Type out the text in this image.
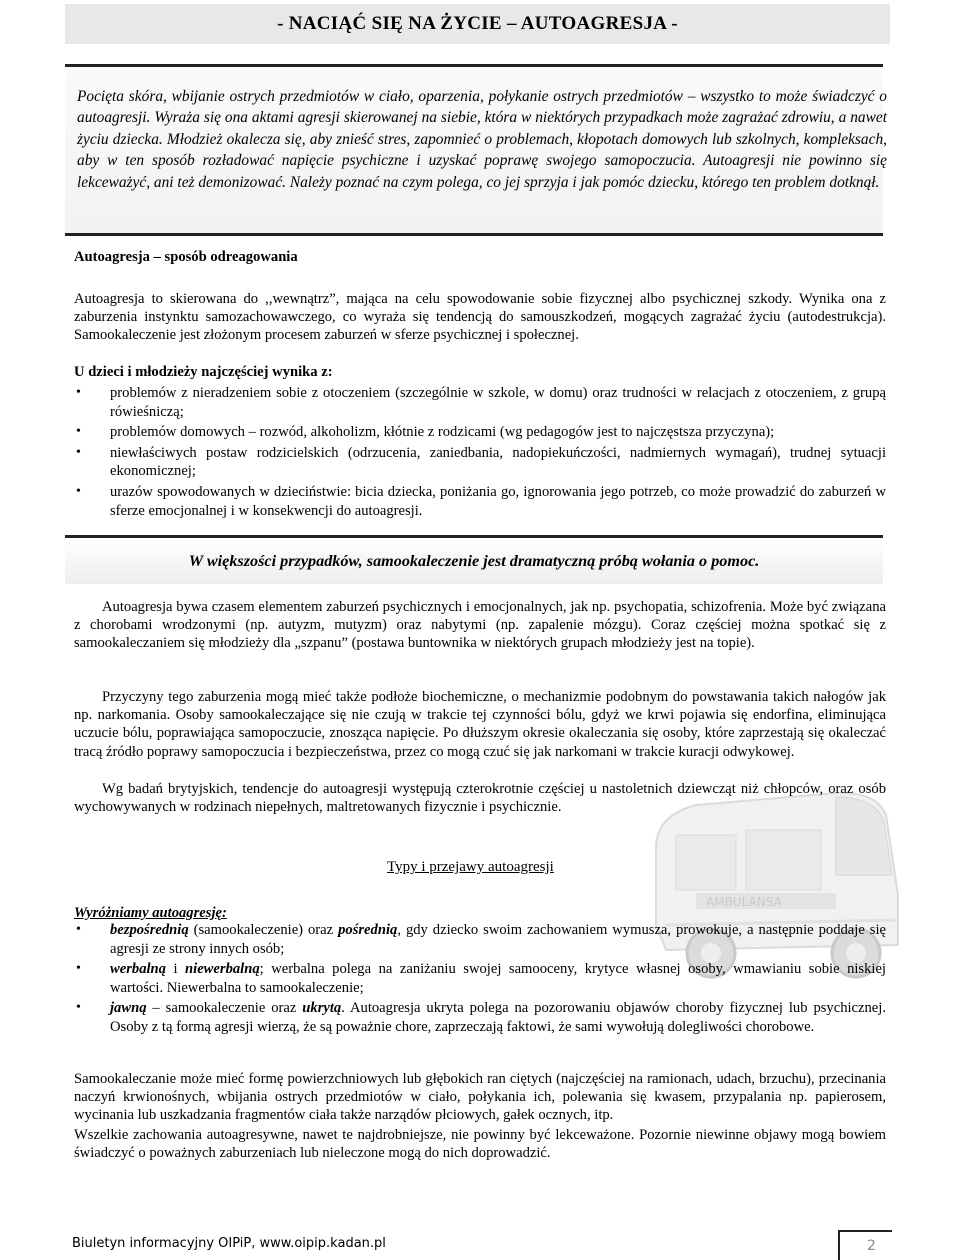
- NACIĄĆ SIĘ NA ŻYCIE – AUTOAGRESJA -
Pocięta skóra, wbijanie ostrych przedmiotów w ciało, oparzenia, połykanie ostrych przedmiotów – wszystko to może świadczyć o autoagresji. Wyraża się ona aktami agresji skierowanej na siebie, która w niektórych przypadkach może zagrażać zdrowiu, a nawet życiu dziecka. Młodzież okalecza się, aby znieść stres, zapomnieć o problemach, kłopotach domowych lub szkolnych, kompleksach, aby w ten sposób rozładować napięcie psychiczne i uzyskać poprawę swojego samopoczucia. Autoagresji nie powinno się lekceważyć, ani też demonizować. Należy poznać na czym polega, co jej sprzyja i jak pomóc dziecku, którego ten problem dotknął.
Autoagresja – sposób odreagowania
Autoagresja to skierowana do ,,wewnątrz”, mająca na celu spowodowanie sobie fizycznej albo psychicznej szkody. Wynika ona z zaburzenia instynktu samozachowawczego, co wyraża się tendencją do samouszkodzeń, mogących zagrażać życiu (autodestrukcja). Samookaleczenie jest złożonym procesem zaburzeń w sferze psychicznej i społecznej.
U dzieci i młodzieży najczęściej wynika z:
• problemów z nieradzeniem sobie z otoczeniem (szczególnie w szkole, w domu) oraz trudności w relacjach z otoczeniem, z grupą rówieśniczą;
• problemów domowych – rozwód, alkoholizm, kłótnie z rodzicami (wg pedagogów jest to najczęstsza przyczyna);
• niewłaściwych postaw rodzicielskich (odrzucenia, zaniedbania, nadopiekuńczości, nadmiernych wymagań), trudnej sytuacji ekonomicznej;
• urazów spowodowanych w dzieciństwie: bicia dziecka, poniżania go, ignorowania jego potrzeb, co może prowadzić do zaburzeń w sferze emocjonalnej i w konsekwencji do autoagresji.
W większości przypadków, samookaleczenie jest dramatyczną próbą wołania o pomoc.
AMBULANSA
Autoagresja bywa czasem elementem zaburzeń psychicznych i emocjonalnych, jak np. psychopatia, schizofrenia. Może być związana z chorobami wrodzonymi (np. autyzm, mutyzm) oraz nabytymi (np. zapalenie mózgu). Coraz częściej można spotkać się z samookaleczaniem się młodzieży dla „szpanu” (postawa buntownika w niektórych grupach młodzieży jest na topie).
Przyczyny tego zaburzenia mogą mieć także podłoże biochemiczne, o mechanizmie podobnym do powstawania takich nałogów jak np. narkomania. Osoby samookaleczające się nie czują w trakcie tej czynności bólu, gdyż we krwi pojawia się endorfina, eliminująca uczucie bólu, poprawiająca samopoczucie, znosząca napięcie. Po dłuższym okresie okaleczania się osoby, które zaprzestają się okaleczać tracą źródło poprawy samopoczucia i bezpieczeństwa, przez co mogą czuć się jak narkomani w trakcie kuracji odwykowej.
Wg badań brytyjskich, tendencje do autoagresji występują czterokrotnie częściej u nastoletnich dziewcząt niż chłopców, oraz osób wychowywanych w rodzinach niepełnych, maltretowanych fizycznie i psychicznie.
Typy i przejawy autoagresji
Wyróżniamy autoagresję:
• bezpośrednią (samookaleczenie) oraz pośrednią, gdy dziecko swoim zachowaniem wymusza, prowokuje, a następnie poddaje się agresji ze strony innych osób;
• werbalną i niewerbalną; werbalna polega na zaniżaniu swojej samooceny, krytyce własnej osoby, wmawianiu sobie niskiej wartości. Niewerbalna to samookaleczenie;
• jawną – samookaleczenie oraz ukrytą. Autoagresja ukryta polega na pozorowaniu objawów choroby fizycznej lub psychicznej. Osoby z tą formą agresji wierzą, że są poważnie chore, zaprzeczają faktowi, że sami wywołują dolegliwości chorobowe.
Samookaleczanie może mieć formę powierzchniowych lub głębokich ran ciętych (najczęściej na ramionach, udach, brzuchu), przecinania naczyń krwionośnych, wbijania ostrych przedmiotów w ciało, połykania ich, polewania się kwasem, przypalania np. papierosem, wycinania lub uszkadzania fragmentów ciała także narządów płciowych, gałek ocznych, itp.
Wszelkie zachowania autoagresywne, nawet te najdrobniejsze, nie powinny być lekceważone. Pozornie niewinne objawy mogą bowiem świadczyć o poważnych zaburzeniach lub nieleczone mogą do nich doprowadzić.
Biuletyn informacyjny OIPiP, www.oipip.kadan.pl	2
